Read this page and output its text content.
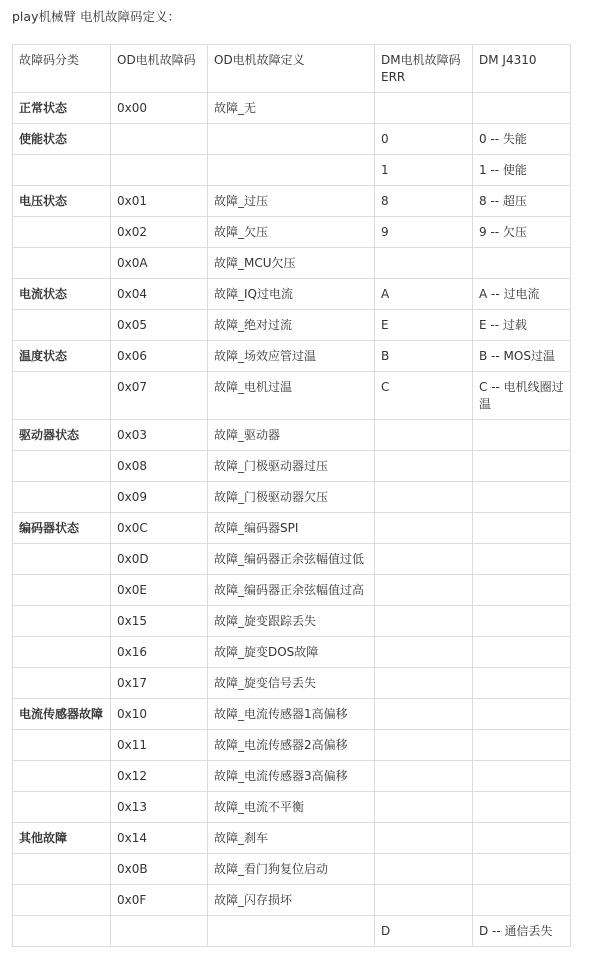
play机械臂 电机故障码定义：
故障码分类	OD电机故障码	OD电机故障定义	DM电机故障码ERR	DM J4310
正常状态	0x00	故障_无		
使能状态			0	0 -- 失能
			1	1 -- 使能
电压状态	0x01	故障_过压	8	8 -- 超压
	0x02	故障_欠压	9	9 -- 欠压
	0x0A	故障_MCU欠压		
电流状态	0x04	故障_IQ过电流	A	A -- 过电流
	0x05	故障_绝对过流	E	E -- 过载
温度状态	0x06	故障_场效应管过温	B	B -- MOS过温
	0x07	故障_电机过温	C	C -- 电机线圈过温
驱动器状态	0x03	故障_驱动器		
	0x08	故障_门极驱动器过压		
	0x09	故障_门极驱动器欠压		
编码器状态	0x0C	故障_编码器SPI		
	0x0D	故障_编码器正余弦幅值过低		
	0x0E	故障_编码器正余弦幅值过高		
	0x15	故障_旋变跟踪丢失		
	0x16	故障_旋变DOS故障		
	0x17	故障_旋变信号丢失		
电流传感器故障	0x10	故障_电流传感器1高偏移		
	0x11	故障_电流传感器2高偏移		
	0x12	故障_电流传感器3高偏移		
	0x13	故障_电流不平衡		
其他故障	0x14	故障_刹车		
	0x0B	故障_看门狗复位启动		
	0x0F	故障_闪存损坏		
			D	D -- 通信丢失
